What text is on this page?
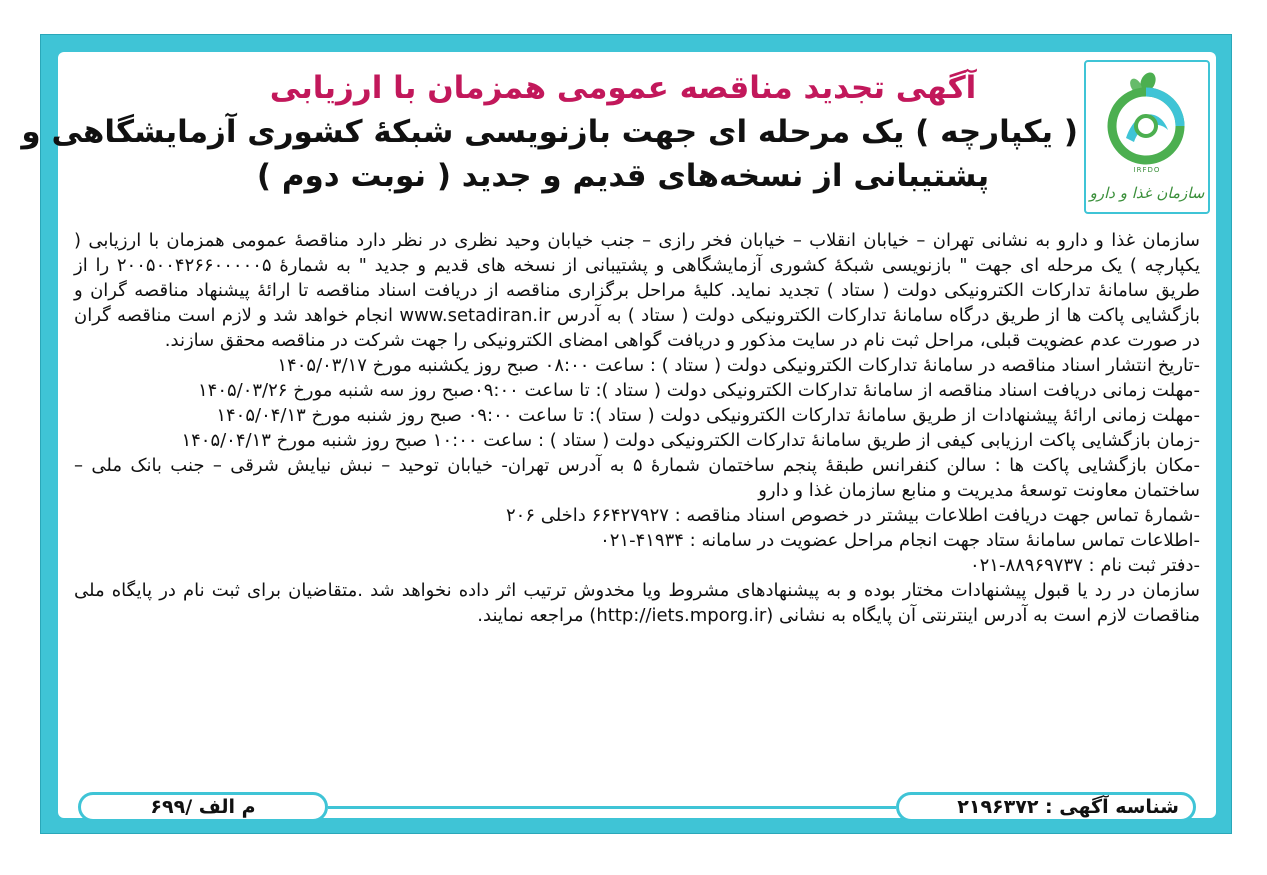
IRFDO
سازمان غذا و دارو
آگهی تجدید مناقصه عمومی همزمان با ارزیابی
( یکپارچه ) یک مرحله ای جهت بازنویسی شبکهٔ کشوری آزمایشگاهی و
پشتیبانی از نسخه‌های قدیم و جدید ( نوبت دوم )

سازمان غذا و دارو به نشانی تهران – خیابان انقلاب – خیابان فخر رازی – جنب خیابان وحید نظری در نظر دارد مناقصهٔ عمومی همزمان با ارزیابی ( یکپارچه ) یک مرحله ای جهت " بازنویسی شبکهٔ کشوری آزمایشگاهی و پشتیبانی از نسخه های قدیم و جدید " به شمارهٔ ۲۰۰۵۰۰۴۲۶۶۰۰۰۰۰۵ را از طریق سامانهٔ تدارکات الکترونیکی دولت ( ستاد ) تجدید نماید. کلیهٔ مراحل برگزاری مناقصه از دریافت اسناد مناقصه تا ارائهٔ پیشنهاد مناقصه گران و بازگشایی پاکت ها از طریق درگاه سامانهٔ تدارکات الکترونیکی دولت ( ستاد ) به آدرس www.setadiran.ir انجام خواهد شد و لازم است مناقصه گران در صورت عدم عضویت قبلی، مراحل ثبت نام در سایت مذکور و دریافت گواهی امضای الکترونیکی را جهت شرکت در مناقصه محقق سازند.

-تاریخ انتشار اسناد مناقصه در سامانهٔ تدارکات الکترونیکی دولت ( ستاد ) : ساعت ۰۸:۰۰ صبح روز یکشنبه مورخ ۱۴۰۵/۰۳/۱۷

-مهلت زمانی دریافت اسناد مناقصه از سامانهٔ تدارکات الکترونیکی دولت ( ستاد ): تا ساعت ۰۹:۰۰صبح روز سه شنبه مورخ ۱۴۰۵/۰۳/۲۶

-مهلت زمانی ارائهٔ پیشنهادات از طریق سامانهٔ تدارکات الکترونیکی دولت ( ستاد ): تا ساعت ۰۹:۰۰ صبح روز شنبه مورخ ۱۴۰۵/۰۴/۱۳

-زمان بازگشایی پاکت ارزیابی کیفی از طریق سامانهٔ تدارکات الکترونیکی دولت ( ستاد ) : ساعت ۱۰:۰۰ صبح روز شنبه مورخ ۱۴۰۵/۰۴/۱۳

-مکان بازگشایی پاکت ها : سالن کنفرانس طبقهٔ پنجم ساختمان شمارهٔ ۵ به آدرس تهران- خیابان توحید – نبش نیایش شرقی – جنب بانک ملی – ساختمان معاونت توسعهٔ مدیریت و منابع سازمان غذا و دارو

-شمارهٔ تماس جهت دریافت اطلاعات بیشتر در خصوص اسناد مناقصه : ۶۶۴۲۷۹۲۷ داخلی ۲۰۶

-اطلاعات تماس سامانهٔ ستاد جهت انجام مراحل عضویت در سامانه : ۴۱۹۳۴-۰۲۱

-دفتر ثبت نام : ۸۸۹۶۹۷۳۷-۰۲۱

سازمان در رد یا قبول پیشنهادات مختار بوده و به پیشنهادهای مشروط ویا مخدوش ترتیب اثر داده نخواهد شد .متقاضیان برای ثبت نام در پایگاه ملی مناقصات لازم است به آدرس اینترنتی آن پایگاه به نشانی (http://iets.mporg.ir) مراجعه نمایند.

شناسه آگهی : ۲۱۹۶۳۷۲
م الف /۶۹۹
